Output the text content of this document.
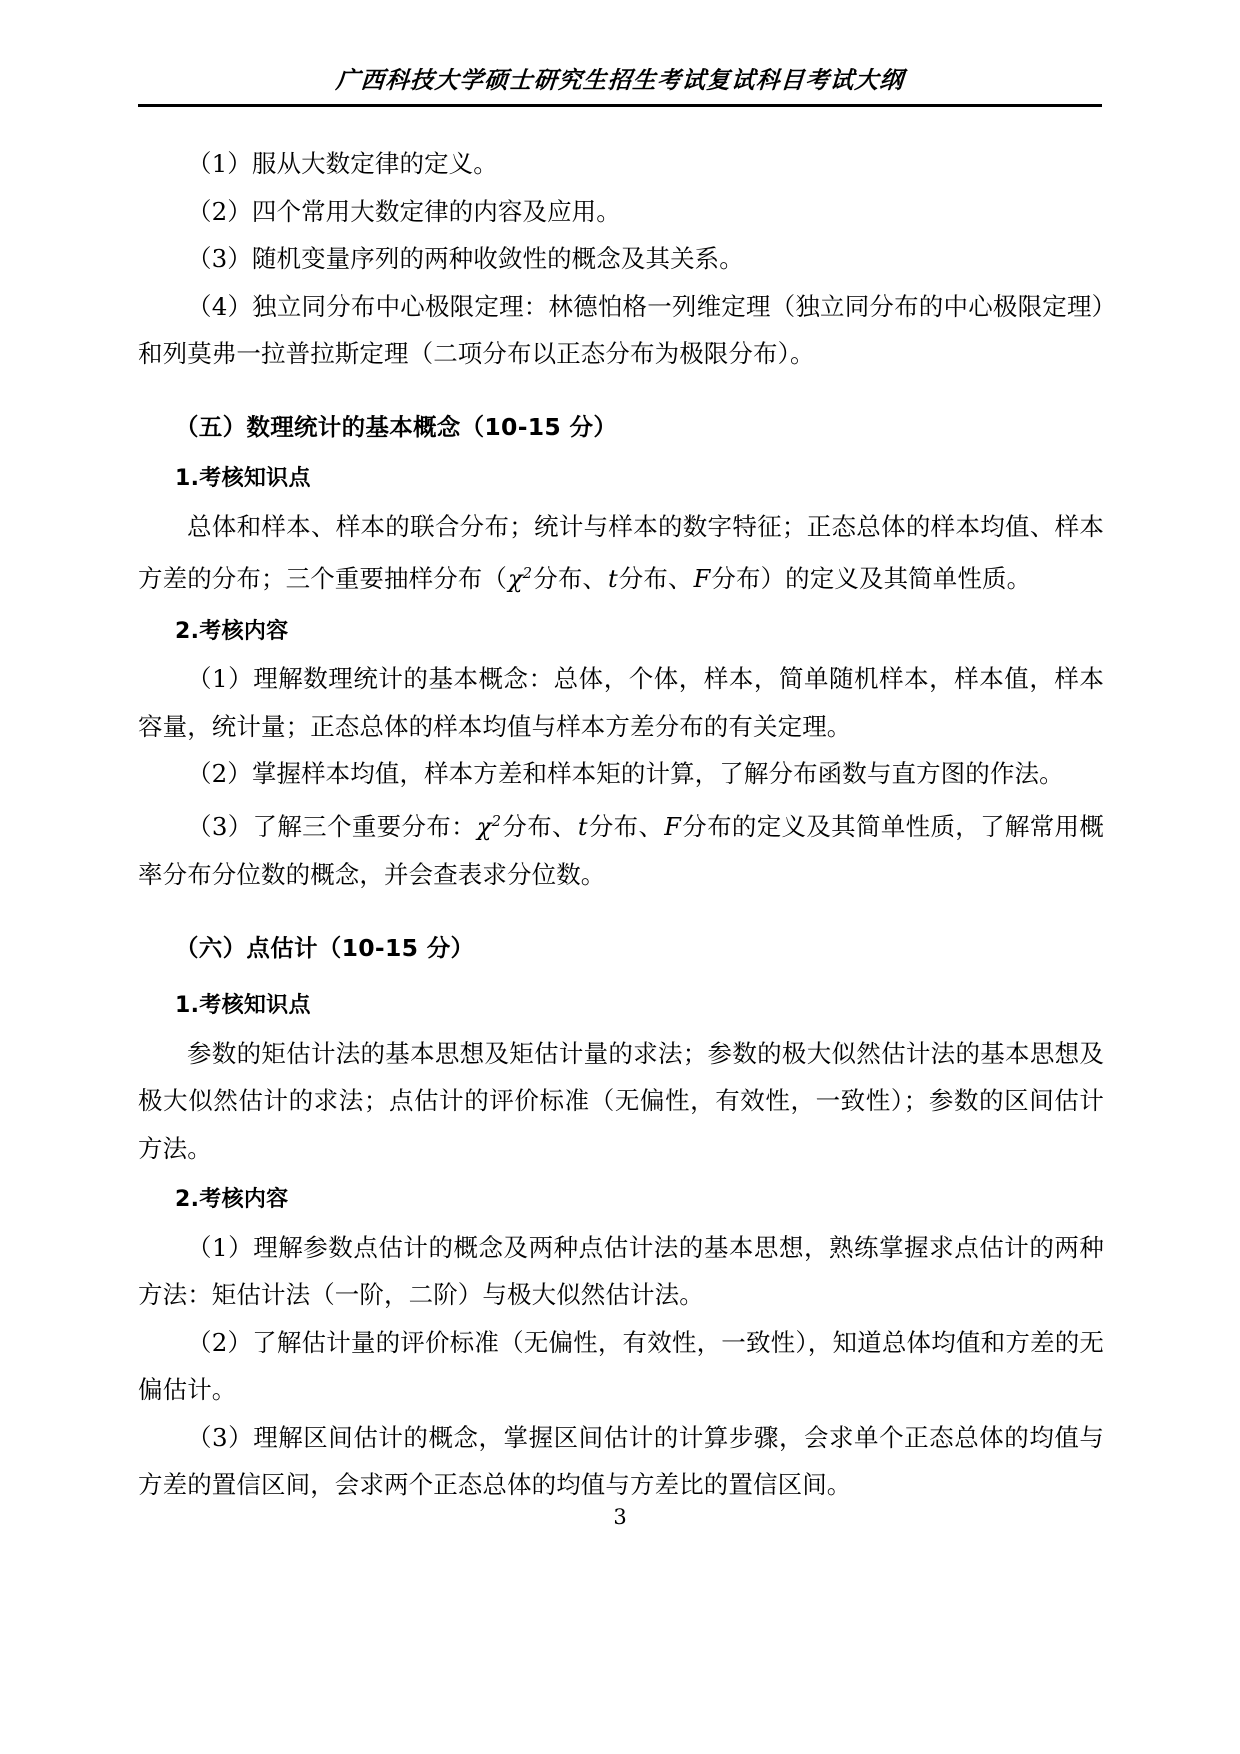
广西科技大学硕士研究生招生考试复试科目考试大纲

（1）服从大数定律的定义。

（2）四个常用大数定律的内容及应用。

（3）随机变量序列的两种收敛性的概念及其关系。

（4）独立同分布中心极限定理：林德怕格一列维定理（独立同分布的中心极限定理）和列莫弗一拉普拉斯定理（二项分布以正态分布为极限分布）。

（五）数理统计的基本概念（10-15 分）

1.考核知识点

总体和样本、样本的联合分布；统计与样本的数字特征；正态总体的样本均值、样本方差的分布；三个重要抽样分布（$\chi^2$分布、t分布、F分布）的定义及其简单性质。

2.考核内容

（1）理解数理统计的基本概念：总体，个体，样本，简单随机样本，样本值，样本容量，统计量；正态总体的样本均值与样本方差分布的有关定理。

（2）掌握样本均值，样本方差和样本矩的计算，了解分布函数与直方图的作法。

（3）了解三个重要分布：$\chi^2$分布、t分布、F分布的定义及其简单性质，了解常用概率分布分位数的概念，并会查表求分位数。

（六）点估计（10-15 分）

1.考核知识点

参数的矩估计法的基本思想及矩估计量的求法；参数的极大似然估计法的基本思想及极大似然估计的求法；点估计的评价标准（无偏性，有效性，一致性）；参数的区间估计方法。

2.考核内容

（1）理解参数点估计的概念及两种点估计法的基本思想，熟练掌握求点估计的两种方法：矩估计法（一阶，二阶）与极大似然估计法。

（2）了解估计量的评价标准（无偏性，有效性，一致性），知道总体均值和方差的无偏估计。

（3）理解区间估计的概念，掌握区间估计的计算步骤，会求单个正态总体的均值与方差的置信区间，会求两个正态总体的均值与方差比的置信区间。

3
